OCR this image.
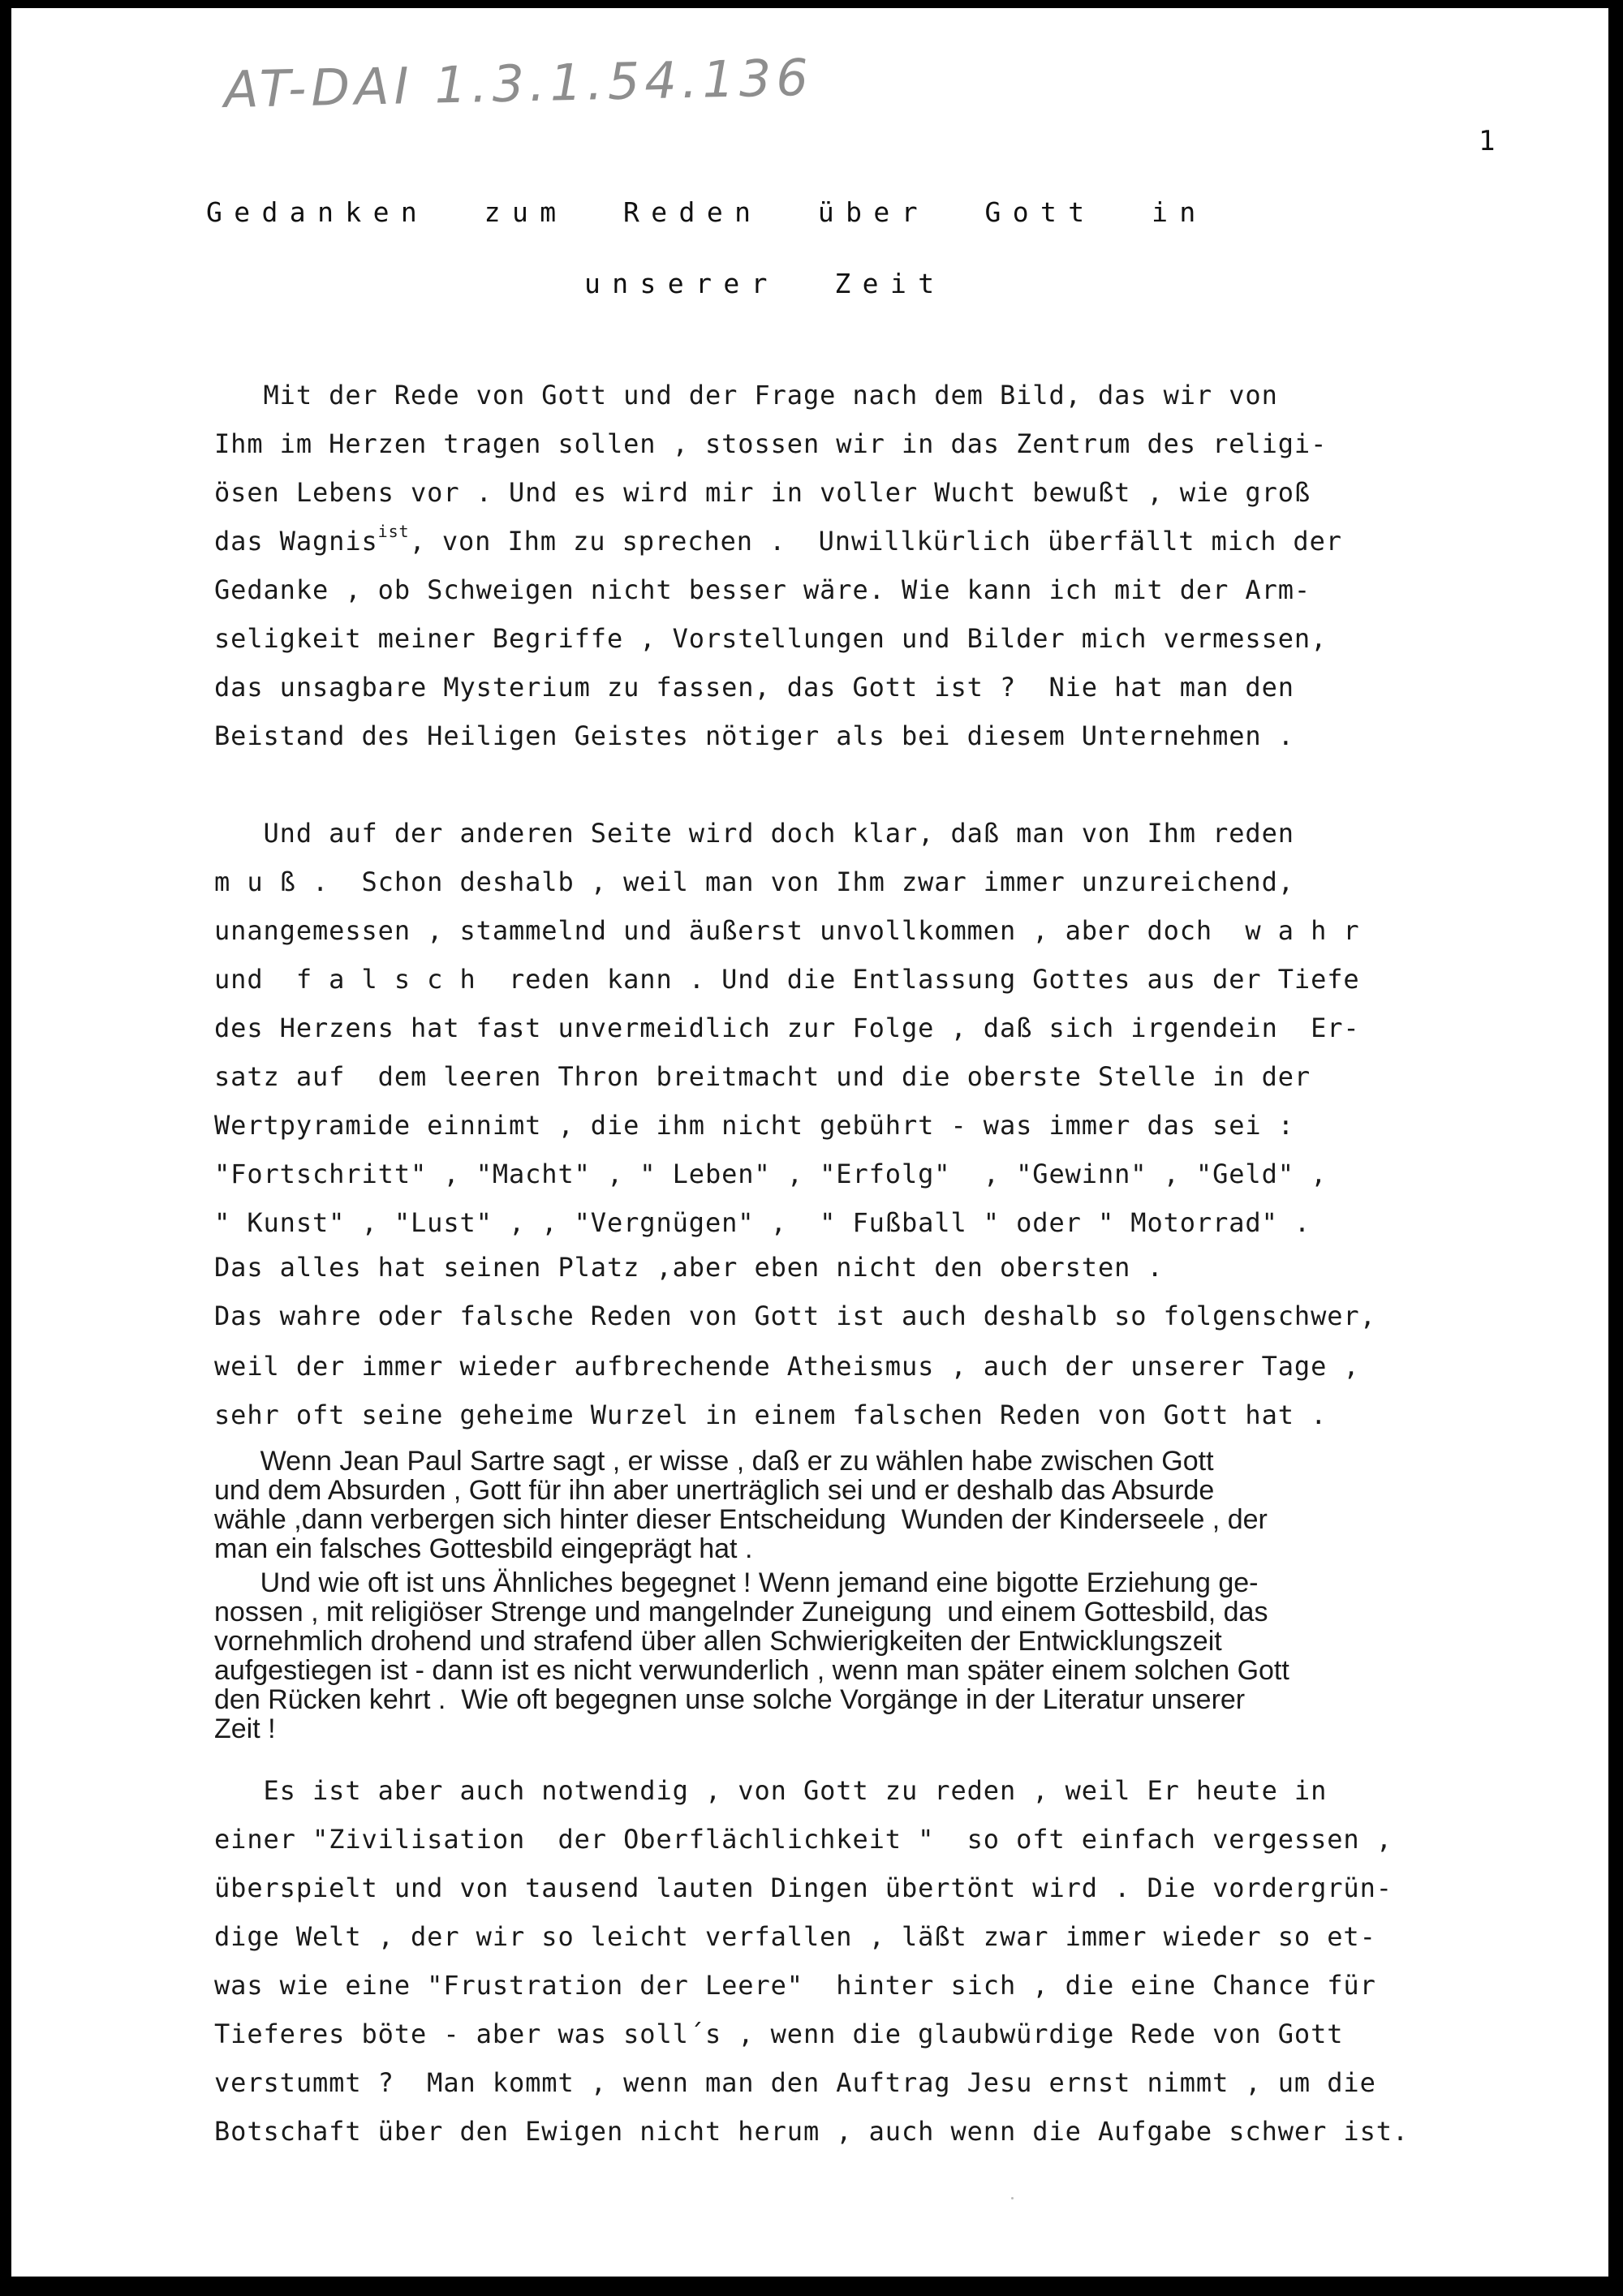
AT-DAI 1.3.1.54.136
1
Gedanken  zum  Reden  über  Gott  in
unserer  Zeit
Mit der Rede von Gott und der Frage nach dem Bild, das wir von
Ihm im Herzen tragen sollen , stossen wir in das Zentrum des religi-
ösen Lebens vor . Und es wird mir in voller Wucht bewußt , wie groß
das Wagnis$^{ist}$, von Ihm zu sprechen .  Unwillkürlich überfällt mich der
Gedanke , ob Schweigen nicht besser wäre. Wie kann ich mit der Arm-
seligkeit meiner Begriffe , Vorstellungen und Bilder mich vermessen,
das unsagbare Mysterium zu fassen, das Gott ist ?  Nie hat man den
Beistand des Heiligen Geistes nötiger als bei diesem Unternehmen .
Und auf der anderen Seite wird doch klar, daß man von Ihm reden
m u ß .  Schon deshalb , weil man von Ihm zwar immer unzureichend,
unangemessen , stammelnd und äußerst unvollkommen , aber doch  w a h r
und  f a l s c h  reden kann . Und die Entlassung Gottes aus der Tiefe
des Herzens hat fast unvermeidlich zur Folge , daß sich irgendein  Er-
satz auf  dem leeren Thron breitmacht und die oberste Stelle in der
Wertpyramide einnimt , die ihm nicht gebührt - was immer das sei :
"Fortschritt" , "Macht" , " Leben" , "Erfolg"  , "Gewinn" , "Geld" ,
" Kunst" , "Lust" , , "Vergnügen" ,  " Fußball " oder " Motorrad" .
Das alles hat seinen Platz ,aber eben nicht den obersten .
Das wahre oder falsche Reden von Gott ist auch deshalb so folgenschwer,
weil der immer wieder aufbrechende Atheismus , auch der unserer Tage ,
sehr oft seine geheime Wurzel in einem falschen Reden von Gott hat .
Wenn Jean Paul Sartre sagt , er wisse , daß er zu wählen habe zwischen Gott
und dem Absurden , Gott für ihn aber unerträglich sei und er deshalb das Absurde
wähle ,dann verbergen sich hinter dieser Entscheidung  Wunden der Kinderseele , der
man ein falsches Gottesbild eingeprägt hat .
Und wie oft ist uns Ähnliches begegnet ! Wenn jemand eine bigotte Erziehung ge-
nossen , mit religiöser Strenge und mangelnder Zuneigung  und einem Gottesbild, das
vornehmlich drohend und strafend über allen Schwierigkeiten der Entwicklungszeit
aufgestiegen ist - dann ist es nicht verwunderlich , wenn man später einem solchen Gott
den Rücken kehrt .  Wie oft begegnen unse solche Vorgänge in der Literatur unserer
Zeit !
Es ist aber auch notwendig , von Gott zu reden , weil Er heute in
einer "Zivilisation  der Oberflächlichkeit "  so oft einfach vergessen ,
überspielt und von tausend lauten Dingen übertönt wird . Die vordergrün-
dige Welt , der wir so leicht verfallen , läßt zwar immer wieder so et-
was wie eine "Frustration der Leere"  hinter sich , die eine Chance für
Tieferes böte - aber was soll´s , wenn die glaubwürdige Rede von Gott
verstummt ?  Man kommt , wenn man den Auftrag Jesu ernst nimmt , um die
Botschaft über den Ewigen nicht herum , auch wenn die Aufgabe schwer ist.
